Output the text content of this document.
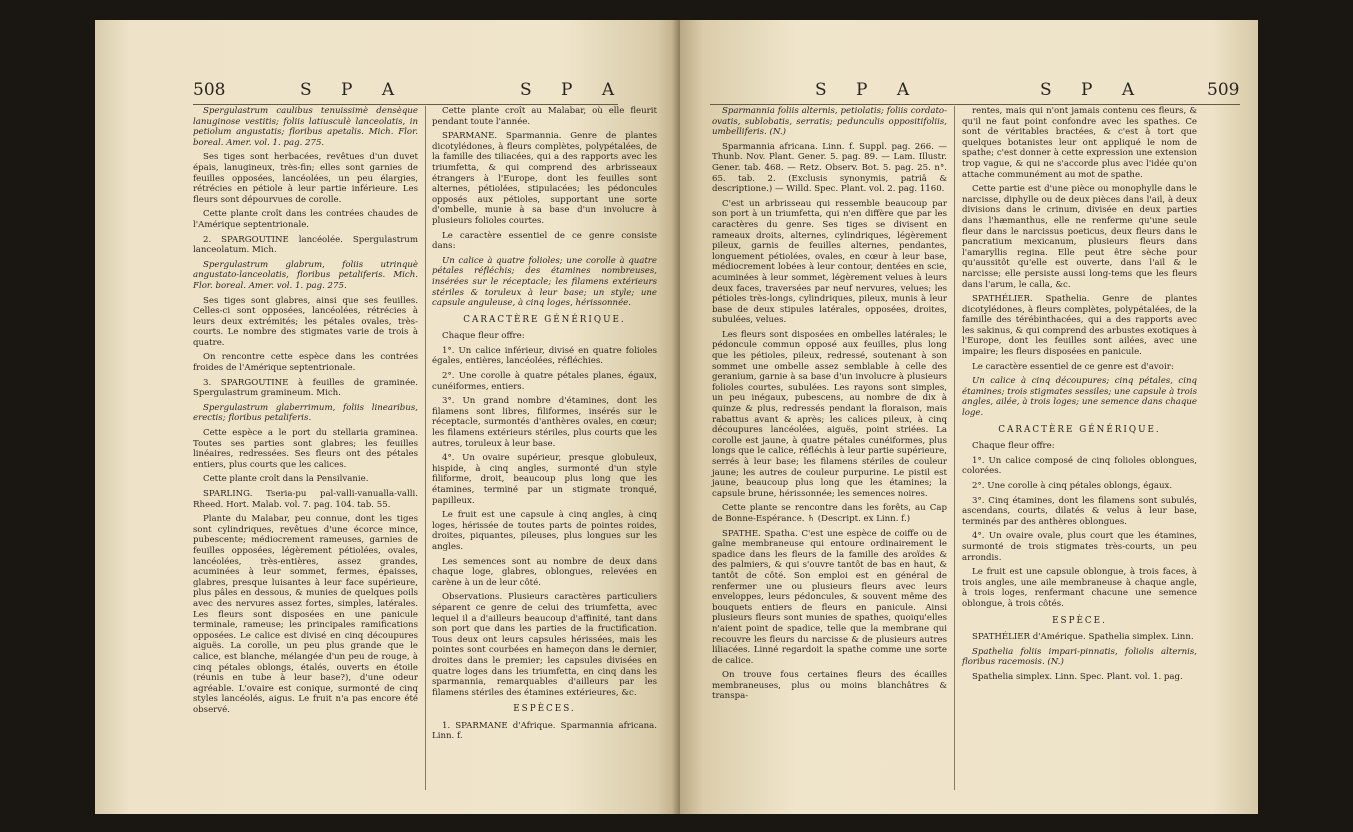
508	S P A	S P A

Spergulastrum caulibus tenuissimè densèque lanuginose vestitis; foliis latiusculè lanceolatis, in petiolum angustatis; floribus apetalis. Mich. Flor. boreal. Amer. vol. 1. pag. 275.

Ses tiges sont herbacées, revêtues d'un duvet épais, lanugineux, très-fin; elles sont garnies de feuilles opposées, lancéolées, un peu élargies, rétrécies en pétiole à leur partie inférieure. Les fleurs sont dépourvues de corolle.

Cette plante croît dans les contrées chaudes de l'Amérique septentrionale.

2. SPARGOUTINE lancéolée. Spergulastrum lanceolatum. Mich.

Spergulastrum glabrum, foliis utrinquè angustato-lanceolatis, floribus petaliferis. Mich. Flor. boreal. Amer. vol. 1. pag. 275.

Ses tiges sont glabres, ainsi que ses feuilles. Celles-ci sont opposées, lancéolées, rétrécies à leurs deux extrémités; les pétales ovales, très-courts. Le nombre des stigmates varie de trois à quatre.

On rencontre cette espèce dans les contrées froides de l'Amérique septentrionale.

3. SPARGOUTINE à feuilles de graminée. Spergulastrum gramineum. Mich.

Spergulastrum glaberrimum, foliis linearibus, erectis; floribus petaliferis.

Cette espèce a le port du stellaria graminea. Toutes ses parties sont glabres; les feuilles linéaires, redressées. Ses fleurs ont des pétales entiers, plus courts que les calices.

Cette plante croît dans la Pensilvanie.

SPARLING. Tseria-pu pal-valli-vanualla-valli. Rheed. Hort. Malab. vol. 7. pag. 104. tab. 55.

Plante du Malabar, peu connue, dont les tiges sont cylindriques, revêtues d'une écorce mince, pubescente; médiocrement rameuses, garnies de feuilles opposées, légèrement pétiolées, ovales, lancéolées, très-entières, assez grandes, acuminées à leur sommet, fermes, épaisses, glabres, presque luisantes à leur face supérieure, plus pâles en dessous, & munies de quelques poils avec des nervures assez fortes, simples, latérales. Les fleurs sont disposées en une panicule terminale, rameuse; les principales ramifications opposées. Le calice est divisé en cinq découpures aiguës. La corolle, un peu plus grande que le calice, est blanche, mélangée d'un peu de rouge, à cinq pétales oblongs, étalés, ouverts en étoile (réunis en tube à leur base?), d'une odeur agréable. L'ovaire est conique, surmonté de cinq styles lancéolés, aigus. Le fruit n'a pas encore été observé.

Cette plante croît au Malabar, où elle fleurit pendant toute l'année.

SPARMANE. Sparmannia. Genre de plantes dicotylédones, à fleurs complètes, polypétalées, de la famille des tiliacées, qui a des rapports avec les triumfetta, & qui comprend des arbrisseaux étrangers à l'Europe, dont les feuilles sont alternes, pétiolées, stipulacées; les pédoncules opposés aux pétioles, supportant une sorte d'ombelle, munie à sa base d'un involucre à plusieurs folioles courtes.

Le caractère essentiel de ce genre consiste dans:

Un calice à quatre folioles; une corolle à quatre pétales réfléchis; des étamines nombreuses, insérées sur le réceptacle; les filamens extérieurs stériles & toruleux à leur base; un style; une capsule anguleuse, à cinq loges, hérissonnée.

CARACTÈRE GÉNÉRIQUE.

Chaque fleur offre:

1°. Un calice inférieur, divisé en quatre folioles égales, entières, lancéolées, réfléchies.

2°. Une corolle à quatre pétales planes, égaux, cunéiformes, entiers.

3°. Un grand nombre d'étamines, dont les filamens sont libres, filiformes, insérés sur le réceptacle, surmontés d'anthères ovales, en cœur; les filamens extérieurs stériles, plus courts que les autres, toruleux à leur base.

4°. Un ovaire supérieur, presque globuleux, hispide, à cinq angles, surmonté d'un style filiforme, droit, beaucoup plus long que les étamines, terminé par un stigmate tronqué, papilleux.

Le fruit est une capsule à cinq angles, à cinq loges, hérissée de toutes parts de pointes roides, droites, piquantes, pileuses, plus longues sur les angles.

Les semences sont au nombre de deux dans chaque loge, glabres, oblongues, relevées en carène à un de leur côté.

Observations. Plusieurs caractères particuliers séparent ce genre de celui des triumfetta, avec lequel il a d'ailleurs beaucoup d'affinité, tant dans son port que dans les parties de la fructification. Tous deux ont leurs capsules hérissées, mais les pointes sont courbées en hameçon dans le dernier, droites dans le premier; les capsules divisées en quatre loges dans les triumfetta, en cinq dans les sparmannia, remarquables d'ailleurs par les filamens stériles des étamines extérieures, &c.

ESPÈCES.

1. SPARMANE d'Afrique. Sparmannia africana. Linn. f.

S P A	S P A	509

Sparmannia foliis alternis, petiolatis; foliis cordato-ovatis, sublobatis, serratis; pedunculis oppositifoliis, umbelliferis. (N.)

Sparmannia africana. Linn. f. Suppl. pag. 266. — Thunb. Nov. Plant. Gener. 5. pag. 89. — Lam. Illustr. Gener. tab. 468. — Retz. Observ. Bot. 5. pag. 25. n°. 65. tab. 2. (Exclusis synonymis, patriâ & descriptione.) — Willd. Spec. Plant. vol. 2. pag. 1160.

C'est un arbrisseau qui ressemble beaucoup par son port à un triumfetta, qui n'en diffère que par les caractères du genre. Ses tiges se divisent en rameaux droits, alternes, cylindriques, légèrement pileux, garnis de feuilles alternes, pendantes, longuement pétiolées, ovales, en cœur à leur base, médiocrement lobées à leur contour, dentées en scie, acuminées à leur sommet, légèrement velues à leurs deux faces, traversées par neuf nervures, velues; les pétioles très-longs, cylindriques, pileux, munis à leur base de deux stipules latérales, opposées, droites, subulées, velues.

Les fleurs sont disposées en ombelles latérales; le pédoncule commun opposé aux feuilles, plus long que les pétioles, pileux, redressé, soutenant à son sommet une ombelle assez semblable à celle des geranium, garnie à sa base d'un involucre à plusieurs folioles courtes, subulées. Les rayons sont simples, un peu inégaux, pubescens, au nombre de dix à quinze & plus, redressés pendant la floraison, mais rabattus avant & après; les calices pileux, à cinq découpures lancéolées, aiguës, point striées. La corolle est jaune, à quatre pétales cunéiformes, plus longs que le calice, réfléchis à leur partie supérieure, serrés à leur base; les filamens stériles de couleur jaune; les autres de couleur purpurine. Le pistil est jaune, beaucoup plus long que les étamines; la capsule brune, hérissonnée; les semences noires.

Cette plante se rencontre dans les forêts, au Cap de Bonne-Espérance. ♄ (Descript. ex Linn. f.)

SPATHE. Spatha. C'est une espèce de coiffe ou de gaîne membraneuse qui entoure ordinairement le spadice dans les fleurs de la famille des aroïdes & des palmiers, & qui s'ouvre tantôt de bas en haut, & tantôt de côté. Son emploi est en général de renfermer une ou plusieurs fleurs avec leurs enveloppes, leurs pédoncules, & souvent même des bouquets entiers de fleurs en panicule. Ainsi plusieurs fleurs sont munies de spathes, quoiqu'elles n'aient point de spadice, telle que la membrane qui recouvre les fleurs du narcisse & de plusieurs autres liliacées. Linné regardoit la spathe comme une sorte de calice.

On trouve fous certaines fleurs des écailles membraneuses, plus ou moins blanchâtres & transpa-

rentes, mais qui n'ont jamais contenu ces fleurs, & qu'il ne faut point confondre avec les spathes. Ce sont de véritables bractées, & c'est à tort que quelques botanistes leur ont appliqué le nom de spathe; c'est donner à cette expression une extension trop vague, & qui ne s'accorde plus avec l'idée qu'on attache communément au mot de spathe.

Cette partie est d'une pièce ou monophylle dans le narcisse, diphylle ou de deux pièces dans l'ail, à deux divisions dans le crinum, divisée en deux parties dans l'hæmanthus, elle ne renferme qu'une seule fleur dans le narcissus poeticus, deux fleurs dans le pancratium mexicanum, plusieurs fleurs dans l'amaryllis regina. Elle peut être sèche pour qu'aussitôt qu'elle est ouverte, dans l'ail & le narcisse; elle persiste aussi long-tems que les fleurs dans l'arum, le calla, &c.

SPATHÉLIER. Spathelia. Genre de plantes dicotylédones, à fleurs complètes, polypétalées, de la famille des térébinthacées, qui a des rapports avec les sakinus, & qui comprend des arbustes exotiques à l'Europe, dont les feuilles sont ailées, avec une impaire; les fleurs disposées en panicule.

Le caractère essentiel de ce genre est d'avoir:

Un calice à cinq découpures; cinq pétales, cinq étamines; trois stigmates sessiles; une capsule à trois angles, ailée, à trois loges; une semence dans chaque loge.

CARACTÈRE GÉNÉRIQUE.

Chaque fleur offre:

1°. Un calice composé de cinq folioles oblongues, colorées.

2°. Une corolle à cinq pétales oblongs, égaux.

3°. Cinq étamines, dont les filamens sont subulés, ascendans, courts, dilatés & velus à leur base, terminés par des anthères oblongues.

4°. Un ovaire ovale, plus court que les étamines, surmonté de trois stigmates très-courts, un peu arrondis.

Le fruit est une capsule oblongue, à trois faces, à trois angles, une aile membraneuse à chaque angle, à trois loges, renfermant chacune une semence oblongue, à trois côtés.

ESPÈCE.

SPATHÉLIER d'Amérique. Spathelia simplex. Linn.

Spathelia foliis impari-pinnatis, foliolis alternis, floribus racemosis. (N.)

Spathelia simplex. Linn. Spec. Plant. vol. 1. pag.
